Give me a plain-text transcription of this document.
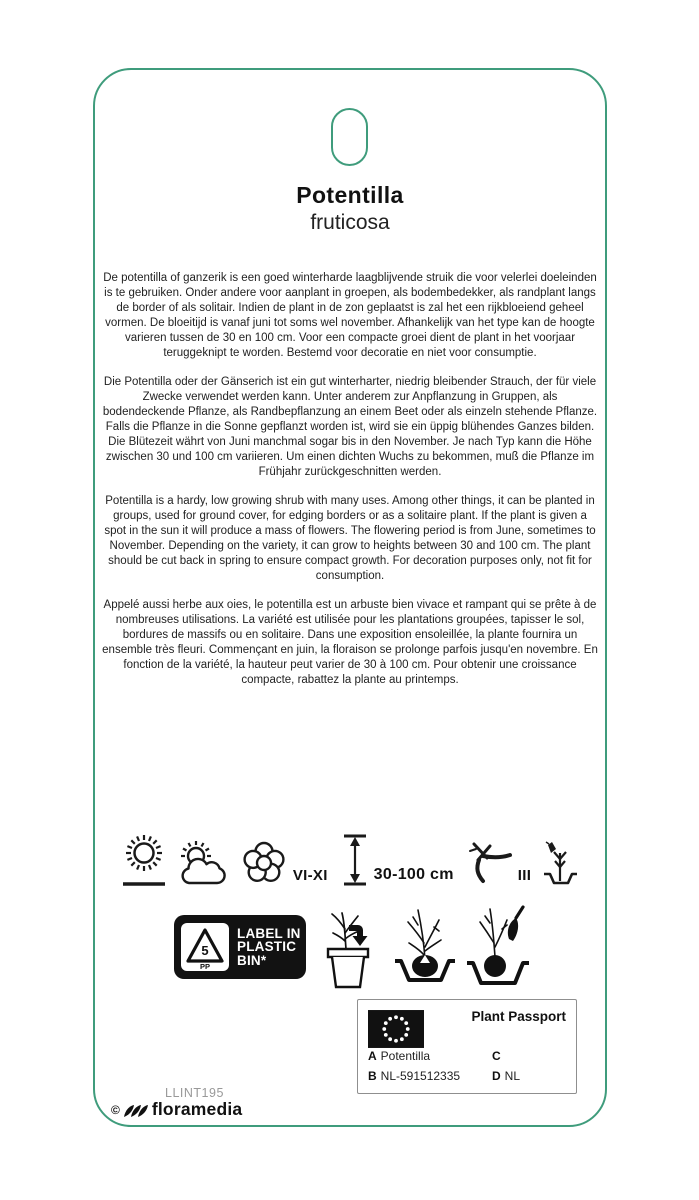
Potentilla
fruticosa

De potentilla of ganzerik is een goed winterharde laagblijvende struik die voor velerlei doeleinden is te gebruiken. Onder andere voor aanplant in groepen, als bodembedekker, als randplant langs de border of als solitair. Indien de plant in de zon geplaatst is zal het een rijkbloeiend geheel vormen. De bloeitijd is vanaf juni tot soms wel november. Afhankelijk van het type kan de hoogte varieren tussen de 30 en 100 cm. Voor een compacte groei dient de plant in het voorjaar teruggeknipt te worden. Bestemd voor decoratie en niet voor consumptie.

Die Potentilla oder der Gänserich ist ein gut winterharter, niedrig bleibender Strauch, der für viele Zwecke verwendet werden kann. Unter anderem zur Anpflanzung in Gruppen, als bodendeckende Pflanze, als Randbepflanzung an einem Beet oder als einzeln stehende Pflanze. Falls die Pflanze in die Sonne gepflanzt worden ist, wird sie ein üppig blühendes Ganzes bilden. Die Blütezeit währt von Juni manchmal sogar bis in den November. Je nach Typ kann die Höhe zwischen 30 und 100 cm variieren. Um einen dichten Wuchs zu bekommen, muß die Pflanze im Frühjahr zurückgeschnitten werden.

Potentilla is a hardy, low growing shrub with many uses. Among other things, it can be planted in groups, used for ground cover, for edging borders or as a solitaire plant. If the plant is given a spot in the sun it will produce a mass of flowers. The flowering period is from June, sometimes to November. Depending on the variety, it can grow to heights between 30 and 100 cm. The plant should be cut back in spring to ensure compact growth. For decoration purposes only, not fit for consumption.

Appelé aussi herbe aux oies, le potentilla est un arbuste bien vivace et rampant qui se prête à de nombreuses utilisations. La variété est utilisée pour les plantations groupées, tapisser le sol, bordures de massifs ou en solitaire. Dans une exposition ensoleillée, la plante fournira un ensemble très fleuri. Commençant en juin, la floraison se prolonge parfois jusqu'en novembre. En fonction de la variété, la hauteur peut varier de 30 à 100 cm. Pour obtenir une croissance compacte, rabattez la plante au printemps.

VI-XI	30-100 cm	III
5
PP
LABEL IN
PLASTIC
BIN*
Plant Passport
A Potentilla
B NL-591512335
C
D NL
LLINT195
© floramedia
